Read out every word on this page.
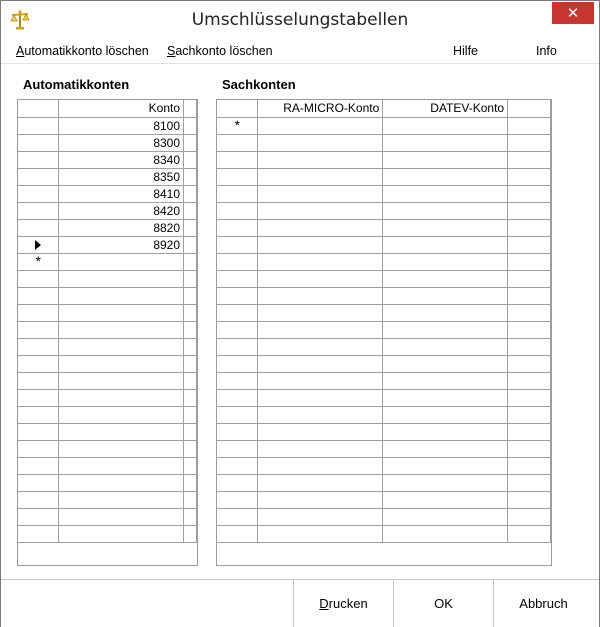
Umschlüsselungstabellen	✕
Automatikkonto löschen Sachkonto löschen	Hilfe	Info
Automatikkonten	Sachkonten
	Konto	
	8100	
	8300	
	8340	
	8350	
	8410	
	8420	
	8820	
	8920	
*		

	RA-MICRO-Konto	DATEV-Konto	
*			

D rucken	OK	Abbruch
